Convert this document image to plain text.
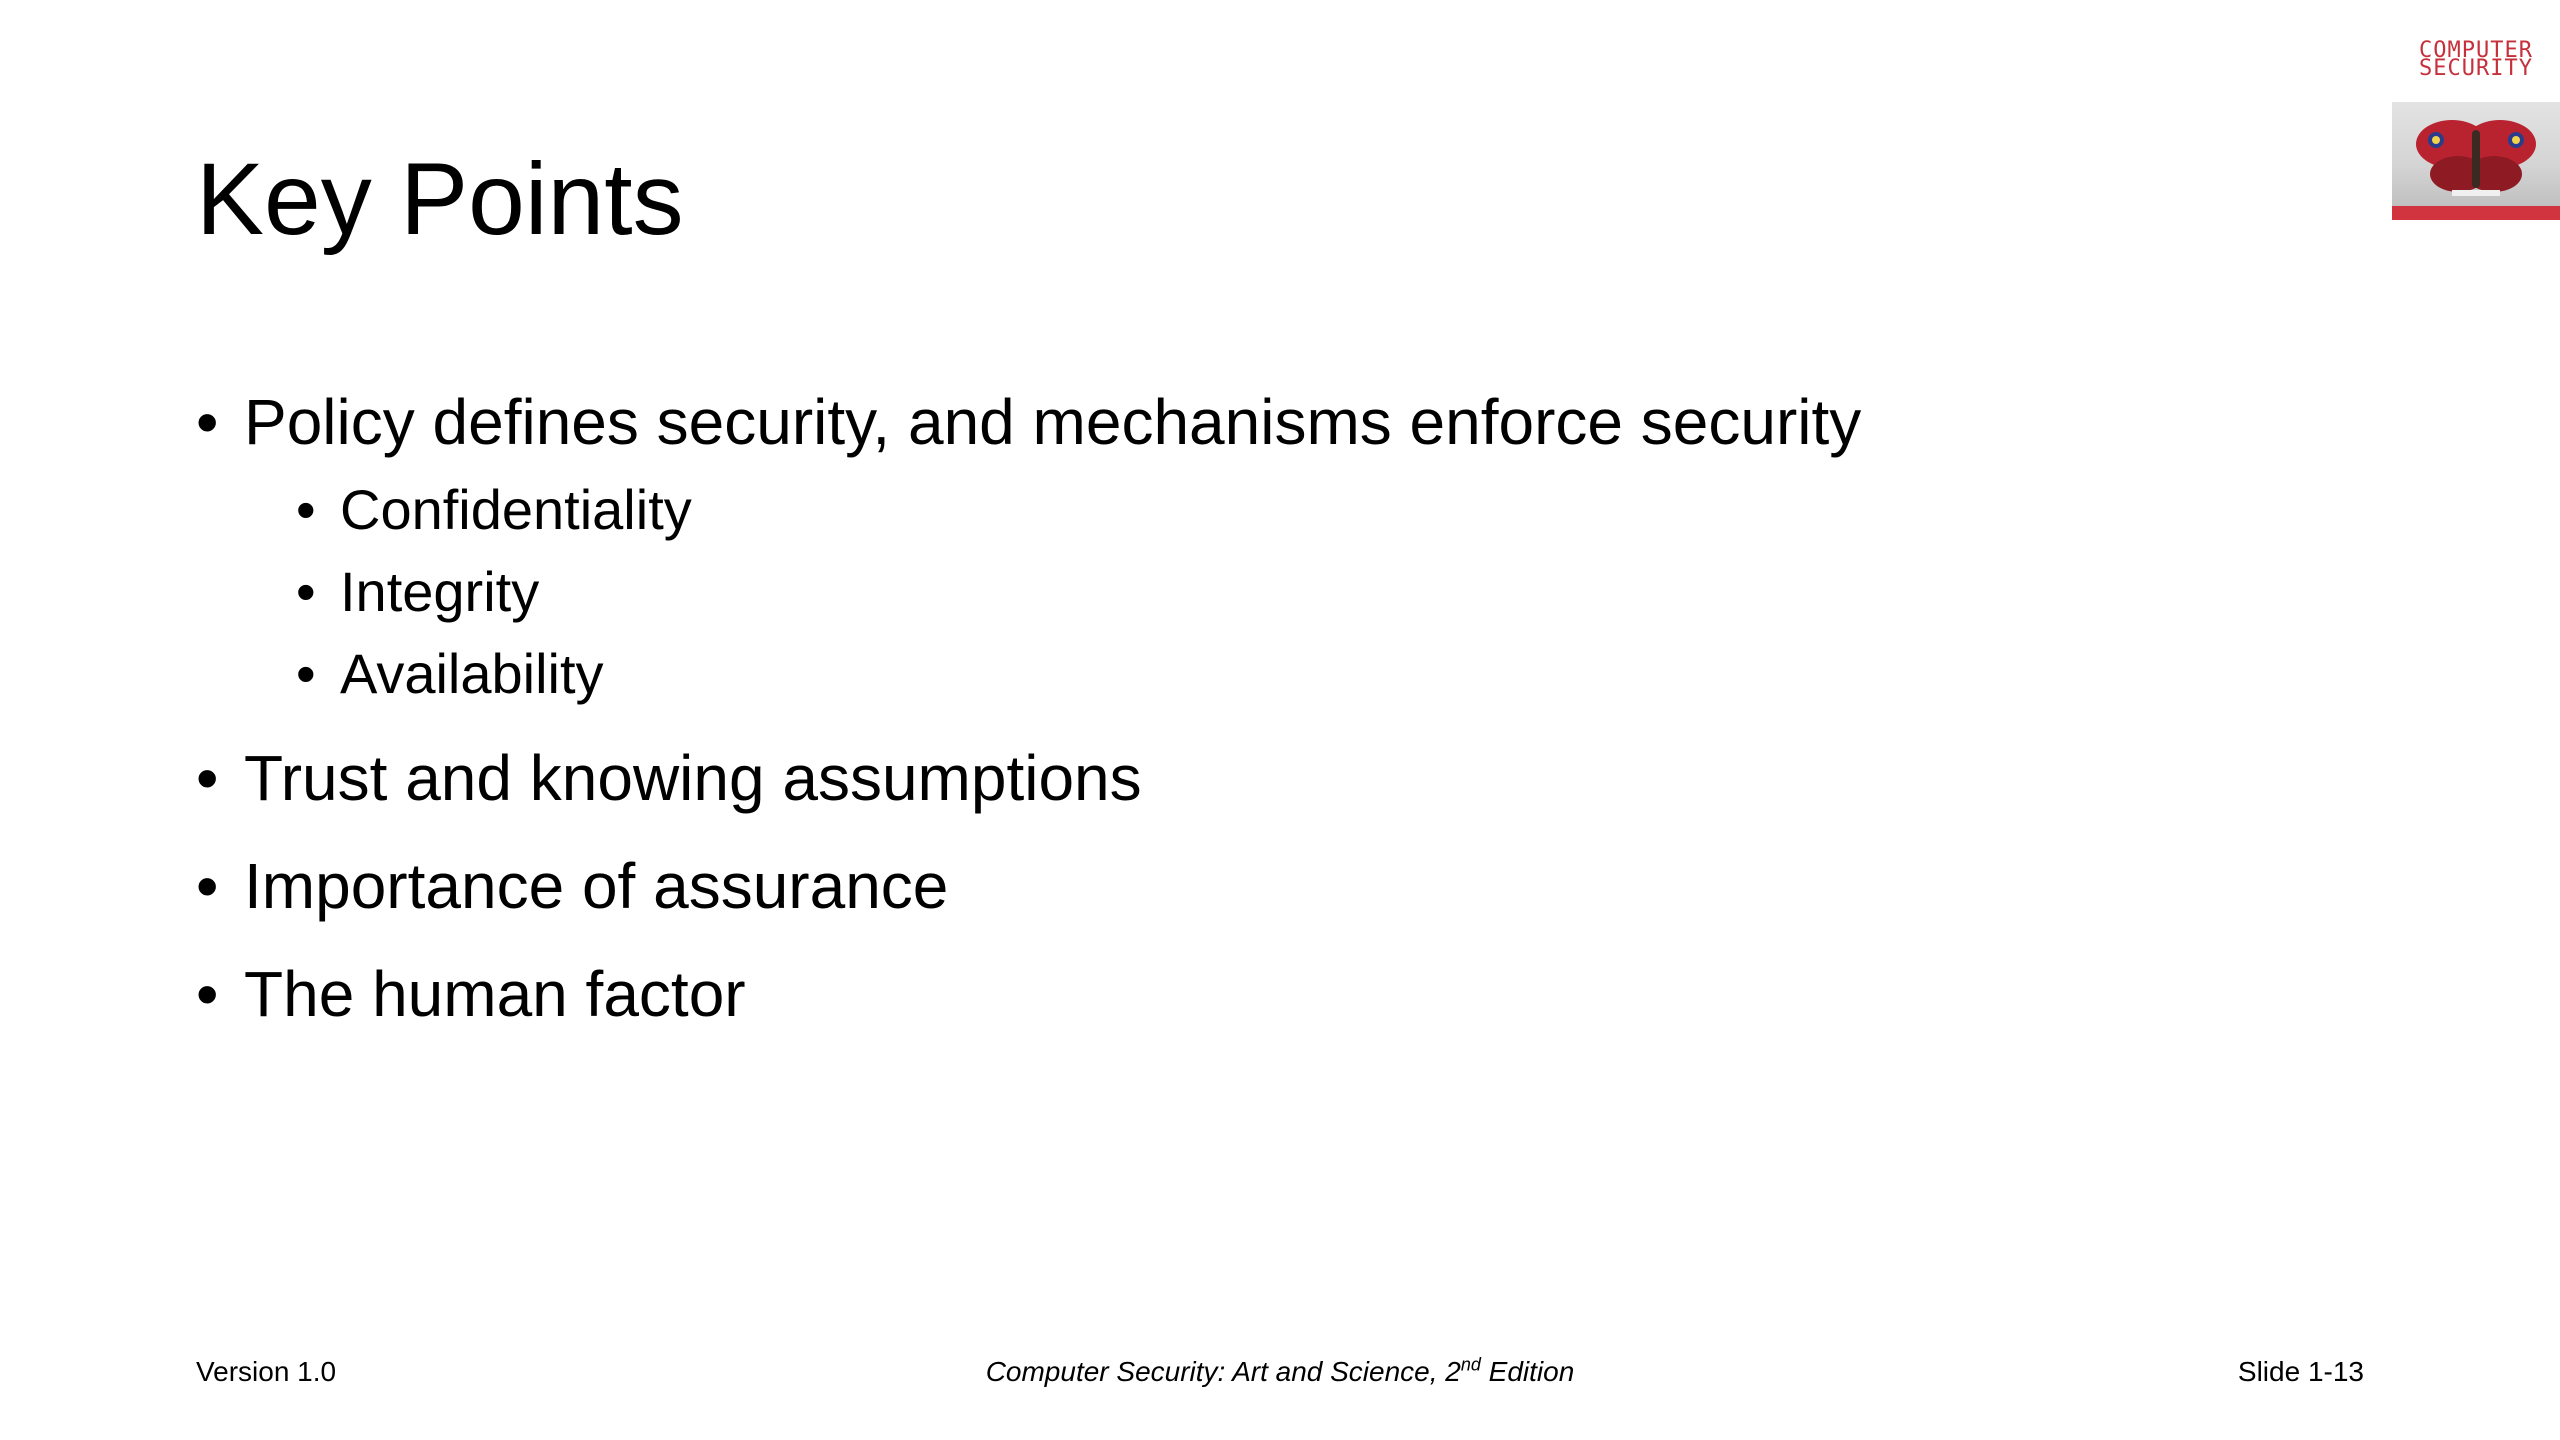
COMPUTER
SECURITY
Key Points
• Policy defines security, and mechanisms enforce security
• Confidentiality
• Integrity
• Availability
• Trust and knowing assumptions
• Importance of assurance
• The human factor
Version 1.0	Computer Security: Art and Science, 2nd Edition	Slide 1-13
